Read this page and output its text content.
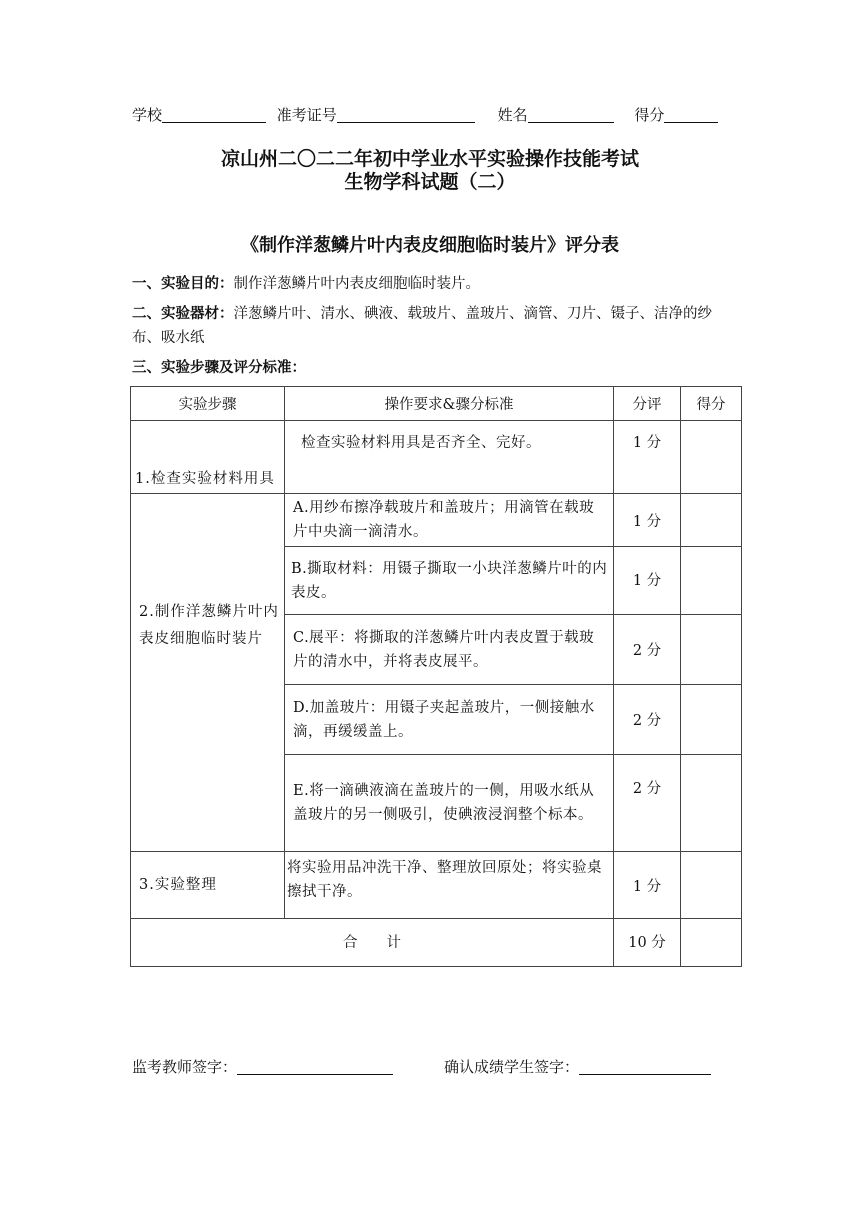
学校	准考证号	姓名	得分
凉山州二〇二二年初中学业水平实验操作技能考试
生物学科试题（二）
《制作洋葱鳞片叶内表皮细胞临时装片》评分表
一、实验目的：制作洋葱鳞片叶内表皮细胞临时装片。
二、实验器材：洋葱鳞片叶、清水、碘液、载玻片、盖玻片、滴管、刀片、镊子、洁净的纱布、吸水纸
三、实验步骤及评分标准：
实验步骤	操作要求&骤分标准	分评	得分
1.检查实验材料用具	检查实验材料用具是否齐全、完好。	1 分	
2.制作洋葱鳞片叶内表皮细胞临时装片	A.用纱布擦净载玻片和盖玻片；用滴管在载玻片中央滴一滴清水。	1 分	
	B.撕取材料：用镊子撕取一小块洋葱鳞片叶的内表皮。	1 分	
	C.展平：将撕取的洋葱鳞片叶内表皮置于载玻片的清水中，并将表皮展平。	2 分	
	D.加盖玻片：用镊子夹起盖玻片，一侧接触水滴，再缓缓盖上。	2 分	
	E.将一滴碘液滴在盖玻片的一侧，用吸水纸从盖玻片的另一侧吸引，使碘液浸润整个标本。	2 分	
3.实验整理	将实验用品冲洗干净、整理放回原处；将实验桌擦拭干净。	1 分	
合　　计		10 分	
监考教师签字：	确认成绩学生签字：
